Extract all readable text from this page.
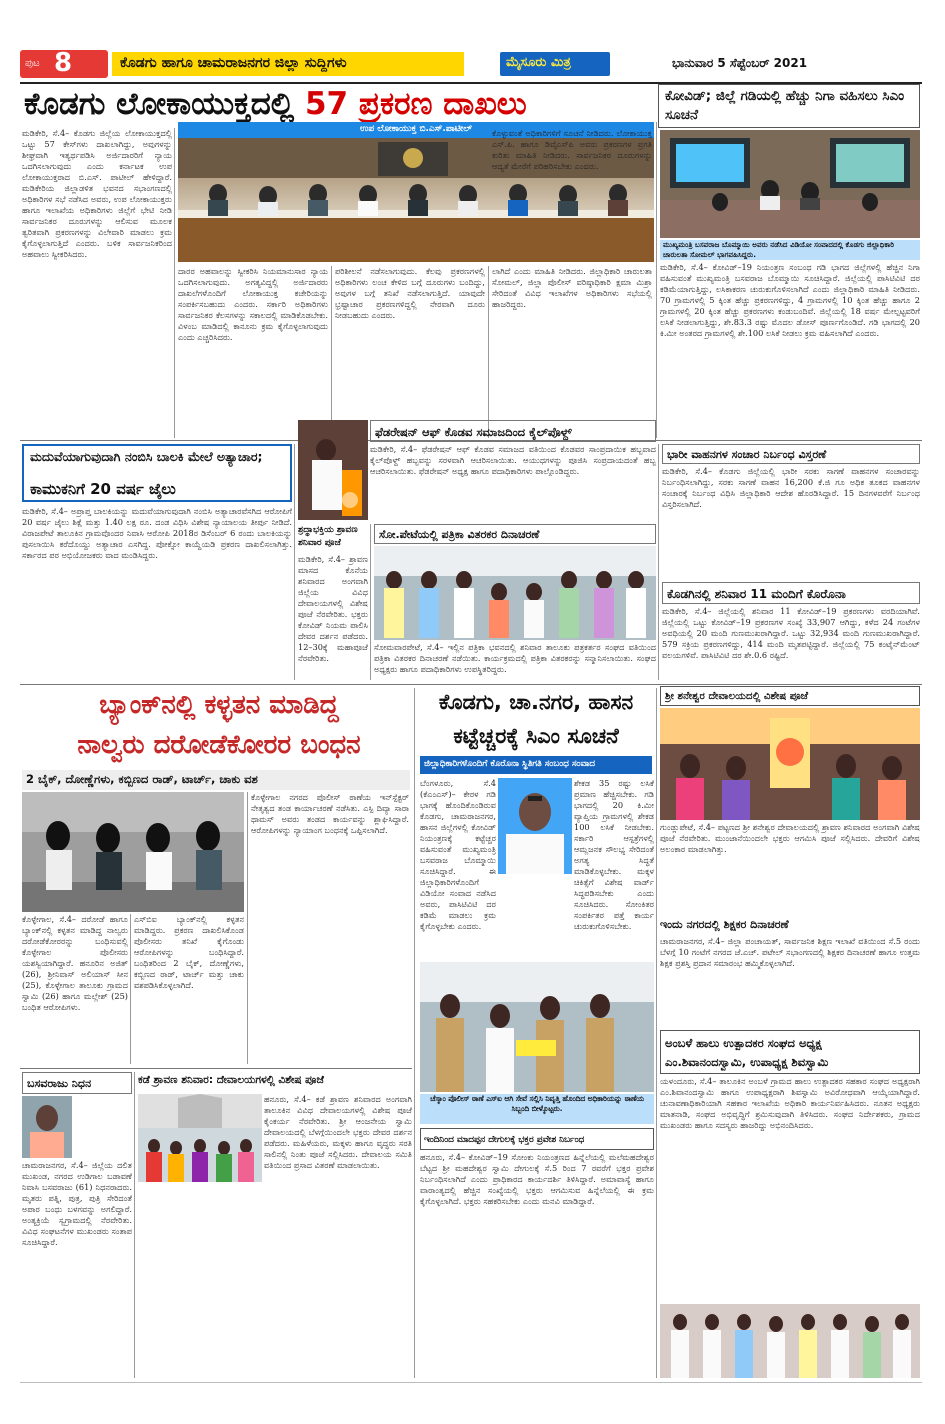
ಪುಟ 8	ಕೊಡಗು ಹಾಗೂ ಚಾಮರಾಜನಗರ ಜಿಲ್ಲಾ ಸುದ್ದಿಗಳು	ಮೈಸೂರು ಮಿತ್ರ	ಭಾನುವಾರ 5 ಸೆಪ್ಟೆಂಬರ್ 2021
ಕೊಡಗು ಲೋಕಾಯುಕ್ತದಲ್ಲಿ 57 ಪ್ರಕರಣ ದಾಖಲು
ಮಡಿಕೇರಿ, ಸೆ.4– ಕೊಡಗು ಜಿಲ್ಲೆಯ ಲೋಕಾಯುಕ್ತದಲ್ಲಿ ಒಟ್ಟು 57 ಕೇಸ್‌ಗಳು ದಾಖಲಾಗಿದ್ದು, ಅವುಗಳನ್ನು ಶೀಘ್ರವಾಗಿ ಇತ್ಯರ್ಥಪಡಿಸಿ ಅರ್ಜಿದಾರರಿಗೆ ನ್ಯಾಯ ಒದಗಿಸಲಾಗುವುದು ಎಂದು ಕರ್ನಾಟಕ ಉಪ ಲೋಕಾಯುಕ್ತರಾದ ಬಿ.ಎಸ್. ಪಾಟೀಲ್ ಹೇಳಿದ್ದಾರೆ. ಮಡಿಕೇರಿಯ ಜಿಲ್ಲಾಡಳಿತ ಭವನದ ಸಭಾಂಗಣದಲ್ಲಿ ಅಧಿಕಾರಿಗಳ ಸಭೆ ನಡೆಸಿದ ಅವರು, ಉಪ ಲೋಕಾಯುಕ್ತರು ಹಾಗೂ ಇಲಾಖೆಯ ಅಧಿಕಾರಿಗಳು ಜಿಲ್ಲೆಗೆ ಭೇಟಿ ನೀಡಿ ಸಾರ್ವಜನಿಕರ ದೂರುಗಳನ್ನು ಆಲಿಸುವ ಮೂಲಕ ತ್ವರಿತವಾಗಿ ಪ್ರಕರಣಗಳನ್ನು ವಿಲೇವಾರಿ ಮಾಡಲು ಕ್ರಮ ಕೈಗೊಳ್ಳಲಾಗುತ್ತಿದೆ ಎಂದರು. ಬಳಿಕ ಸಾರ್ವಜನಿಕರಿಂದ ಅಹವಾಲು ಸ್ವೀಕರಿಸಿದರು.
ಉಪ ಲೋಕಾಯುಕ್ತ ಬಿ.ಎಸ್.ಪಾಟೀಲ್
ದಾರರ ಅಹವಾಲನ್ನು ಸ್ವೀಕರಿಸಿ ನಿಯಮಾನುಸಾರ ನ್ಯಾಯ ಒದಗಿಸಲಾಗುವುದು. ಅಗತ್ಯವಿದ್ದಲ್ಲಿ ಅರ್ಜಿದಾರರು ದಾಖಲೆಗಳೊಂದಿಗೆ ಲೋಕಾಯುಕ್ತ ಕಚೇರಿಯನ್ನು ಸಂಪರ್ಕಿಸಬಹುದು ಎಂದರು. ಸರ್ಕಾರಿ ಅಧಿಕಾರಿಗಳು ಸಾರ್ವಜನಿಕರ ಕೆಲಸಗಳನ್ನು ಸಕಾಲದಲ್ಲಿ ಮಾಡಿಕೊಡಬೇಕು. ವಿಳಂಬ ಮಾಡಿದಲ್ಲಿ ಕಾನೂನು ಕ್ರಮ ಕೈಗೊಳ್ಳಲಾಗುವುದು ಎಂದು ಎಚ್ಚರಿಸಿದರು.
ಪರಿಶೀಲನೆ ನಡೆಸಲಾಗುವುದು. ಕೆಲವು ಪ್ರಕರಣಗಳಲ್ಲಿ ಅಧಿಕಾರಿಗಳು ಲಂಚ ಕೇಳಿದ ಬಗ್ಗೆ ದೂರುಗಳು ಬಂದಿದ್ದು, ಅವುಗಳ ಬಗ್ಗೆ ತನಿಖೆ ನಡೆಸಲಾಗುತ್ತಿದೆ. ಯಾವುದೇ ಭ್ರಷ್ಟಾಚಾರ ಪ್ರಕರಣಗಳಿದ್ದಲ್ಲಿ ನೇರವಾಗಿ ದೂರು ನೀಡಬಹುದು ಎಂದರು.
ಲಾಗಿದೆ ಎಂದು ಮಾಹಿತಿ ನೀಡಿದರು. ಜಿಲ್ಲಾಧಿಕಾರಿ ಚಾರುಲತಾ ಸೋಮಲ್, ಜಿಲ್ಲಾ ಪೊಲೀಸ್ ವರಿಷ್ಠಾಧಿಕಾರಿ ಕ್ಷಮಾ ಮಿಶ್ರಾ ಸೇರಿದಂತೆ ವಿವಿಧ ಇಲಾಖೆಗಳ ಅಧಿಕಾರಿಗಳು ಸಭೆಯಲ್ಲಿ ಹಾಜರಿದ್ದರು.
ಕೋವಿಡ್; ಜಿಲ್ಲೆ ಗಡಿಯಲ್ಲಿ ಹೆಚ್ಚು ನಿಗಾ ವಹಿಸಲು ಸಿಎಂ ಸೂಚನೆ
ಮುಖ್ಯಮಂತ್ರಿ ಬಸವರಾಜ ಬೊಮ್ಮಾಯಿ ಅವರು ನಡೆಸಿದ ವಿಡಿಯೋ ಸಂವಾದದಲ್ಲಿ ಕೊಡಗು ಜಿಲ್ಲಾಧಿಕಾರಿ ಚಾರುಲತಾ ಸೋಮಲ್ ಭಾಗವಹಿಸಿದ್ದರು.
ಮಡಿಕೇರಿ, ಸೆ.4– ಕೋವಿಡ್–19 ನಿಯಂತ್ರಣ ಸಂಬಂಧ ಗಡಿ ಭಾಗದ ಜಿಲ್ಲೆಗಳಲ್ಲಿ ಹೆಚ್ಚಿನ ನಿಗಾ ವಹಿಸುವಂತೆ ಮುಖ್ಯಮಂತ್ರಿ ಬಸವರಾಜ ಬೊಮ್ಮಾಯಿ ಸೂಚಿಸಿದ್ದಾರೆ. ಜಿಲ್ಲೆಯಲ್ಲಿ ಪಾಸಿಟಿವಿಟಿ ದರ ಕಡಿಮೆಯಾಗುತ್ತಿದ್ದು, ಲಸಿಕಾಕರಣ ಚುರುಕುಗೊಳಿಸಲಾಗಿದೆ ಎಂದು ಜಿಲ್ಲಾಧಿಕಾರಿ ಮಾಹಿತಿ ನೀಡಿದರು. 70 ಗ್ರಾಮಗಳಲ್ಲಿ 5 ಕ್ಕಿಂತ ಹೆಚ್ಚು ಪ್ರಕರಣಗಳಿದ್ದು, 4 ಗ್ರಾಮಗಳಲ್ಲಿ 10 ಕ್ಕಿಂತ ಹೆಚ್ಚು ಹಾಗೂ 2 ಗ್ರಾಮಗಳಲ್ಲಿ 20 ಕ್ಕಿಂತ ಹೆಚ್ಚು ಪ್ರಕರಣಗಳು ಕಂಡುಬಂದಿವೆ. ಜಿಲ್ಲೆಯಲ್ಲಿ 18 ವರ್ಷ ಮೇಲ್ಪಟ್ಟವರಿಗೆ ಲಸಿಕೆ ನೀಡಲಾಗುತ್ತಿದ್ದು, ಶೇ.83.3 ರಷ್ಟು ಮೊದಲ ಡೋಸ್ ಪೂರ್ಣಗೊಂಡಿದೆ. ಗಡಿ ಭಾಗದಲ್ಲಿ 20 ಕಿ.ಮೀ ಅಂತರದ ಗ್ರಾಮಗಳಲ್ಲಿ ಶೇ.100 ಲಸಿಕೆ ನೀಡಲು ಕ್ರಮ ವಹಿಸಲಾಗಿದೆ ಎಂದರು.
ಕೊಳ್ಳುವಂತೆ ಅಧಿಕಾರಿಗಳಿಗೆ ಸೂಚನೆ ನೀಡಿದರು. ಲೋಕಾಯುಕ್ತ ಎಸ್.ಪಿ. ಹಾಗೂ ಡಿವೈಎಸ್‌ಪಿ ಅವರು ಪ್ರಕರಣಗಳ ಪ್ರಗತಿ ಕುರಿತು ಮಾಹಿತಿ ನೀಡಿದರು. ಸಾರ್ವಜನಿಕರ ದೂರುಗಳನ್ನು ಆದ್ಯತೆ ಮೇರೆಗೆ ಪರಿಹರಿಸಬೇಕು ಎಂದರು.
ಮದುವೆಯಾಗುವುದಾಗಿ ನಂಬಿಸಿ ಬಾಲಕಿ ಮೇಲೆ ಅತ್ಯಾಚಾರ;
ಕಾಮುಕನಿಗೆ 20 ವರ್ಷ ಜೈಲು
ಮಡಿಕೇರಿ, ಸೆ.4– ಅಪ್ರಾಪ್ತ ಬಾಲಕಿಯನ್ನು ಮದುವೆಯಾಗುವುದಾಗಿ ನಂಬಿಸಿ ಅತ್ಯಾಚಾರವೆಸಗಿದ ಆರೋಪಿಗೆ 20 ವರ್ಷ ಜೈಲು ಶಿಕ್ಷೆ ಮತ್ತು 1.40 ಲಕ್ಷ ರೂ. ದಂಡ ವಿಧಿಸಿ ವಿಶೇಷ ನ್ಯಾಯಾಲಯ ತೀರ್ಪು ನೀಡಿದೆ. ವಿರಾಜಪೇಟೆ ತಾಲೂಕಿನ ಗ್ರಾಮವೊಂದರ ನಿವಾಸಿ ಆರೋಪಿ 2018ರ ಡಿಸೆಂಬರ್ 6 ರಂದು ಬಾಲಕಿಯನ್ನು ಪುಸಲಾಯಿಸಿ ಕರೆದೊಯ್ದು ಅತ್ಯಾಚಾರ ಎಸಗಿದ್ದ. ಪೋಕ್ಸೋ ಕಾಯ್ದೆಯಡಿ ಪ್ರಕರಣ ದಾಖಲಿಸಲಾಗಿತ್ತು. ಸರ್ಕಾರದ ಪರ ಅಭಿಯೋಜಕರು ವಾದ ಮಂಡಿಸಿದ್ದರು.
ಫೆಡರೇಷನ್ ಆಫ್ ಕೊಡವ ಸಮಾಜದಿಂದ ಕೈಲ್‌ಪೊಳ್ದ್
ಮಡಿಕೇರಿ, ಸೆ.4– ಫೆಡರೇಷನ್ ಆಫ್ ಕೊಡವ ಸಮಾಜದ ವತಿಯಿಂದ ಕೊಡವರ ಸಾಂಪ್ರದಾಯಿಕ ಹಬ್ಬವಾದ ಕೈಲ್‌ಪೊಳ್ದ್ ಹಬ್ಬವನ್ನು ಸರಳವಾಗಿ ಆಚರಿಸಲಾಯಿತು. ಆಯುಧಗಳನ್ನು ಪೂಜಿಸಿ ಸಂಪ್ರದಾಯದಂತೆ ಹಬ್ಬ ಆಚರಿಸಲಾಯಿತು. ಫೆಡರೇಷನ್ ಅಧ್ಯಕ್ಷ ಹಾಗೂ ಪದಾಧಿಕಾರಿಗಳು ಪಾಲ್ಗೊಂಡಿದ್ದರು.
ಶ್ರದ್ಧಾಭಕ್ತಿಯ ಶ್ರಾವಣ ಶನಿವಾರ ಪೂಜೆ
ಮಡಿಕೇರಿ, ಸೆ.4– ಶ್ರಾವಣ ಮಾಸದ ಕೊನೆಯ ಶನಿವಾರದ ಅಂಗವಾಗಿ ಜಿಲ್ಲೆಯ ವಿವಿಧ ದೇವಾಲಯಗಳಲ್ಲಿ ವಿಶೇಷ ಪೂಜೆ ನೆರವೇರಿತು. ಭಕ್ತರು ಕೋವಿಡ್ ನಿಯಮ ಪಾಲಿಸಿ ದೇವರ ದರ್ಶನ ಪಡೆದರು. 12–30ಕ್ಕೆ ಮಹಾಪೂಜೆ ನೆರವೇರಿತು.
ಸೋ.ಪೇಟೆಯಲ್ಲಿ ಪತ್ರಿಕಾ ವಿತರಕರ ದಿನಾಚರಣೆ
ಸೋಮವಾರಪೇಟೆ, ಸೆ.4– ಇಲ್ಲಿನ ಪತ್ರಿಕಾ ಭವನದಲ್ಲಿ ಶನಿವಾರ ತಾಲೂಕು ಪತ್ರಕರ್ತರ ಸಂಘದ ವತಿಯಿಂದ ಪತ್ರಿಕಾ ವಿತರಕರ ದಿನಾಚರಣೆ ನಡೆಯಿತು. ಕಾರ್ಯಕ್ರಮದಲ್ಲಿ ಪತ್ರಿಕಾ ವಿತರಕರನ್ನು ಸನ್ಮಾನಿಸಲಾಯಿತು. ಸಂಘದ ಅಧ್ಯಕ್ಷರು ಹಾಗೂ ಪದಾಧಿಕಾರಿಗಳು ಉಪಸ್ಥಿತರಿದ್ದರು.
ಭಾರೀ ವಾಹನಗಳ ಸಂಚಾರ ನಿರ್ಬಂಧ ವಿಸ್ತರಣೆ
ಮಡಿಕೇರಿ, ಸೆ.4– ಕೊಡಗು ಜಿಲ್ಲೆಯಲ್ಲಿ ಭಾರೀ ಸರಕು ಸಾಗಣೆ ವಾಹನಗಳ ಸಂಚಾರವನ್ನು ನಿರ್ಬಂಧಿಸಲಾಗಿದ್ದು, ಸರಕು ಸಾಗಣೆ ವಾಹನ 16,200 ಕೆ.ಜಿ ಗೂ ಅಧಿಕ ತೂಕದ ವಾಹನಗಳ ಸಂಚಾರಕ್ಕೆ ನಿರ್ಬಂಧ ವಿಧಿಸಿ ಜಿಲ್ಲಾಧಿಕಾರಿ ಆದೇಶ ಹೊರಡಿಸಿದ್ದಾರೆ. 15 ದಿನಗಳವರೆಗೆ ನಿರ್ಬಂಧ ವಿಸ್ತರಿಸಲಾಗಿದೆ.
ಕೊಡಗಿನಲ್ಲಿ ಶನಿವಾರ 11 ಮಂದಿಗೆ ಕೊರೊನಾ
ಮಡಿಕೇರಿ, ಸೆ.4– ಜಿಲ್ಲೆಯಲ್ಲಿ ಶನಿವಾರ 11 ಕೋವಿಡ್–19 ಪ್ರಕರಣಗಳು ವರದಿಯಾಗಿವೆ. ಜಿಲ್ಲೆಯಲ್ಲಿ ಒಟ್ಟು ಕೋವಿಡ್–19 ಪ್ರಕರಣಗಳ ಸಂಖ್ಯೆ 33,907 ಆಗಿದ್ದು, ಕಳೆದ 24 ಗಂಟೆಗಳ ಅವಧಿಯಲ್ಲಿ 20 ಮಂದಿ ಗುಣಮುಖರಾಗಿದ್ದಾರೆ. ಒಟ್ಟು 32,934 ಮಂದಿ ಗುಣಮುಖರಾಗಿದ್ದಾರೆ. 579 ಸಕ್ರಿಯ ಪ್ರಕರಣಗಳಿದ್ದು, 414 ಮಂದಿ ಮೃತಪಟ್ಟಿದ್ದಾರೆ. ಜಿಲ್ಲೆಯಲ್ಲಿ 75 ಕಂಟೈನ್‌ಮೆಂಟ್ ವಲಯಗಳಿವೆ. ಪಾಸಿಟಿವಿಟಿ ದರ ಶೇ.0.6 ರಷ್ಟಿದೆ.
ಬ್ಯಾಂಕ್‌ನಲ್ಲಿ ಕಳ್ಳತನ ಮಾಡಿದ್ದ
ನಾಲ್ವರು ದರೋಡೆಕೋರರ ಬಂಧನ
2 ಬೈಕ್, ದೋಣ್ಣೆಗಳು, ಕಬ್ಬಿಣದ ರಾಡ್, ಟಾರ್ಚ್, ಚಾಕು ವಶ
ಕೊಳ್ಳೇಗಾಲ, ಸೆ.4– ದರೋಡೆ ಹಾಗೂ ಬ್ಯಾಂಕ್‌ನಲ್ಲಿ ಕಳ್ಳತನ ಮಾಡಿದ್ದ ನಾಲ್ವರು ದರೋಡೆಕೋರರನ್ನು ಬಂಧಿಸುವಲ್ಲಿ ಕೊಳ್ಳೇಗಾಲ ಪೊಲೀಸರು ಯಶಸ್ವಿಯಾಗಿದ್ದಾರೆ. ಹನೂರಿನ ಅಜಿತ್ (26), ಶ್ರೀನಿವಾಸ್ ಅಲಿಯಾಸ್ ಸೀನ (25), ಕೊಳ್ಳೇಗಾಲ ತಾಲೂಕು ಗ್ರಾಮದ ಸ್ವಾಮಿ (26) ಹಾಗೂ ಮಲ್ಲೇಶ್ (25) ಬಂಧಿತ ಆರೋಪಿಗಳು.
ಎಸ್‌ಬಿಐ ಬ್ಯಾಂಕ್‌ನಲ್ಲಿ ಕಳ್ಳತನ ಮಾಡಿದ್ದರು. ಪ್ರಕರಣ ದಾಖಲಿಸಿಕೊಂಡ ಪೊಲೀಸರು ತನಿಖೆ ಕೈಗೊಂಡು ಆರೋಪಿಗಳನ್ನು ಬಂಧಿಸಿದ್ದಾರೆ. ಬಂಧಿತರಿಂದ 2 ಬೈಕ್, ದೋಣ್ಣೆಗಳು, ಕಬ್ಬಿಣದ ರಾಡ್, ಟಾರ್ಚ್ ಮತ್ತು ಚಾಕು ವಶಪಡಿಸಿಕೊಳ್ಳಲಾಗಿದೆ.
ಕೊಳ್ಳೇಗಾಲ ನಗರದ ಪೊಲೀಸ್ ಠಾಣೆಯ ಇನ್‌ಸ್ಪೆಕ್ಟರ್ ನೇತೃತ್ವದ ತಂಡ ಕಾರ್ಯಾಚರಣೆ ನಡೆಸಿತು. ಎಸ್ಪಿ ದಿವ್ಯಾ ಸಾರಾ ಥಾಮಸ್ ಅವರು ತಂಡದ ಕಾರ್ಯವನ್ನು ಶ್ಲಾಘಿಸಿದ್ದಾರೆ. ಆರೋಪಿಗಳನ್ನು ನ್ಯಾಯಾಂಗ ಬಂಧನಕ್ಕೆ ಒಪ್ಪಿಸಲಾಗಿದೆ.
ಬಸವರಾಜು ನಿಧನ
ಚಾಮರಾಜನಗರ, ಸೆ.4– ಜಿಲ್ಲೆಯ ದಲಿತ ಮುಖಂಡ, ನಗರದ ಉಡಿಗಾಲ ಬಡಾವಣೆ ನಿವಾಸಿ ಬಸವರಾಜು (61) ನಿಧನರಾದರು. ಮೃತರು ಪತ್ನಿ, ಪುತ್ರ, ಪುತ್ರಿ ಸೇರಿದಂತೆ ಅಪಾರ ಬಂಧು ಬಳಗವನ್ನು ಅಗಲಿದ್ದಾರೆ. ಅಂತ್ಯಕ್ರಿಯೆ ಸ್ವಗ್ರಾಮದಲ್ಲಿ ನೆರವೇರಿತು. ವಿವಿಧ ಸಂಘಟನೆಗಳ ಮುಖಂಡರು ಸಂತಾಪ ಸೂಚಿಸಿದ್ದಾರೆ.
ಕಡೆ ಶ್ರಾವಣ ಶನಿವಾರ: ದೇವಾಲಯಗಳಲ್ಲಿ ವಿಶೇಷ ಪೂಜೆ
ಹನೂರು, ಸೆ.4– ಕಡೆ ಶ್ರಾವಣ ಶನಿವಾರದ ಅಂಗವಾಗಿ ತಾಲೂಕಿನ ವಿವಿಧ ದೇವಾಲಯಗಳಲ್ಲಿ ವಿಶೇಷ ಪೂಜೆ ಕೈಂಕರ್ಯ ನೆರವೇರಿತು. ಶ್ರೀ ಆಂಜನೇಯ ಸ್ವಾಮಿ ದೇವಾಲಯದಲ್ಲಿ ಬೆಳಗ್ಗೆಯಿಂದಲೇ ಭಕ್ತರು ದೇವರ ದರ್ಶನ ಪಡೆದರು. ಮಹಿಳೆಯರು, ಮಕ್ಕಳು ಹಾಗೂ ವೃದ್ಧರು ಸರತಿ ಸಾಲಿನಲ್ಲಿ ನಿಂತು ಪೂಜೆ ಸಲ್ಲಿಸಿದರು. ದೇವಾಲಯ ಸಮಿತಿ ವತಿಯಿಂದ ಪ್ರಸಾದ ವಿತರಣೆ ಮಾಡಲಾಯಿತು.
ಕೊಡಗು, ಚಾ.ನಗರ, ಹಾಸನ
ಕಟ್ಟೆಚ್ಚರಕ್ಕೆ ಸಿಎಂ ಸೂಚನೆ
ಜಿಲ್ಲಾಧಿಕಾರಿಗಳೊಂದಿಗೆ ಕೊರೊನಾ ಸ್ಥಿತಿಗತಿ ಸಂಬಂಧ ಸಂವಾದ
ಬೆಂಗಳೂರು, ಸೆ.4 (ಕೆಎಂಎಸ್)– ಕೇರಳ ಗಡಿ ಭಾಗಕ್ಕೆ ಹೊಂದಿಕೊಂಡಿರುವ ಕೊಡಗು, ಚಾಮರಾಜನಗರ, ಹಾಸನ ಜಿಲ್ಲೆಗಳಲ್ಲಿ ಕೋವಿಡ್ ನಿಯಂತ್ರಣಕ್ಕೆ ಕಟ್ಟೆಚ್ಚರ ವಹಿಸುವಂತೆ ಮುಖ್ಯಮಂತ್ರಿ ಬಸವರಾಜ ಬೊಮ್ಮಾಯಿ ಸೂಚಿಸಿದ್ದಾರೆ. ಈ ಜಿಲ್ಲಾಧಿಕಾರಿಗಳೊಂದಿಗೆ ವಿಡಿಯೋ ಸಂವಾದ ನಡೆಸಿದ ಅವರು, ಪಾಸಿಟಿವಿಟಿ ದರ ಕಡಿಮೆ ಮಾಡಲು ಕ್ರಮ ಕೈಗೊಳ್ಳಬೇಕು ಎಂದರು.
ಶೇಕಡ 35 ರಷ್ಟು ಲಸಿಕೆ ಪ್ರಮಾಣ ಹೆಚ್ಚಿಸಬೇಕು. ಗಡಿ ಭಾಗದಲ್ಲಿ 20 ಕಿ.ಮೀ ವ್ಯಾಪ್ತಿಯ ಗ್ರಾಮಗಳಲ್ಲಿ ಶೇಕಡ 100 ಲಸಿಕೆ ನೀಡಬೇಕು. ಸರ್ಕಾರಿ ಆಸ್ಪತ್ರೆಗಳಲ್ಲಿ ಆಮ್ಲಜನಕ ಸೌಲಭ್ಯ ಸೇರಿದಂತೆ ಅಗತ್ಯ ಸಿದ್ಧತೆ ಮಾಡಿಕೊಳ್ಳಬೇಕು. ಮಕ್ಕಳ ಚಿಕಿತ್ಸೆಗೆ ವಿಶೇಷ ವಾರ್ಡ್ ಸಿದ್ಧಪಡಿಸಬೇಕು ಎಂದು ಸೂಚಿಸಿದರು. ಸೋಂಕಿತರ ಸಂಪರ್ಕಿತರ ಪತ್ತೆ ಕಾರ್ಯ ಚುರುಕುಗೊಳಿಸಬೇಕು.
ಚೆಸ್ಕಾಂ ಪೊಲೀಸ್ ಠಾಣೆ ಎಸ್‌ಐ ಆಗಿ ಸೇವೆ ಸಲ್ಲಿಸಿ ನಿವೃತ್ತಿ ಹೊಂದಿದ ಅಧಿಕಾರಿಯನ್ನು ಠಾಣೆಯ ಸಿಬ್ಬಂದಿ ಬೀಳ್ಕೊಟ್ಟರು.
ಇಂದಿನಿಂದ ಮಾದಪ್ಪನ ದೇಗುಲಕ್ಕೆ ಭಕ್ತರ ಪ್ರವೇಶ ನಿರ್ಬಂಧ
ಹನೂರು, ಸೆ.4– ಕೋವಿಡ್–19 ಸೋಂಕು ನಿಯಂತ್ರಣದ ಹಿನ್ನೆಲೆಯಲ್ಲಿ ಮಲೆಮಹದೇಶ್ವರ ಬೆಟ್ಟದ ಶ್ರೀ ಮಹದೇಶ್ವರ ಸ್ವಾಮಿ ದೇಗುಲಕ್ಕೆ ಸೆ.5 ರಿಂದ 7 ರವರೆಗೆ ಭಕ್ತರ ಪ್ರವೇಶ ನಿರ್ಬಂಧಿಸಲಾಗಿದೆ ಎಂದು ಪ್ರಾಧಿಕಾರದ ಕಾರ್ಯದರ್ಶಿ ತಿಳಿಸಿದ್ದಾರೆ. ಅಮಾವಾಸ್ಯೆ ಹಾಗೂ ವಾರಾಂತ್ಯದಲ್ಲಿ ಹೆಚ್ಚಿನ ಸಂಖ್ಯೆಯಲ್ಲಿ ಭಕ್ತರು ಆಗಮಿಸುವ ಹಿನ್ನೆಲೆಯಲ್ಲಿ ಈ ಕ್ರಮ ಕೈಗೊಳ್ಳಲಾಗಿದೆ. ಭಕ್ತರು ಸಹಕರಿಸಬೇಕು ಎಂದು ಮನವಿ ಮಾಡಿದ್ದಾರೆ.
ಶ್ರೀ ಶನೇಶ್ವರ ದೇವಾಲಯದಲ್ಲಿ ವಿಶೇಷ ಪೂಜೆ
ಗುಂಡ್ಲುಪೇಟೆ, ಸೆ.4– ಪಟ್ಟಣದ ಶ್ರೀ ಶನೇಶ್ವರ ದೇವಾಲಯದಲ್ಲಿ ಶ್ರಾವಣ ಶನಿವಾರದ ಅಂಗವಾಗಿ ವಿಶೇಷ ಪೂಜೆ ನೆರವೇರಿತು. ಮುಂಜಾನೆಯಿಂದಲೇ ಭಕ್ತರು ಆಗಮಿಸಿ ಪೂಜೆ ಸಲ್ಲಿಸಿದರು. ದೇವರಿಗೆ ವಿಶೇಷ ಅಲಂಕಾರ ಮಾಡಲಾಗಿತ್ತು.
ಇಂದು ನಗರದಲ್ಲಿ ಶಿಕ್ಷಕರ ದಿನಾಚರಣೆ
ಚಾಮರಾಜನಗರ, ಸೆ.4– ಜಿಲ್ಲಾ ಪಂಚಾಯತ್, ಸಾರ್ವಜನಿಕ ಶಿಕ್ಷಣ ಇಲಾಖೆ ವತಿಯಿಂದ ಸೆ.5 ರಂದು ಬೆಳಗ್ಗೆ 10 ಗಂಟೆಗೆ ನಗರದ ಜೆ.ಎಚ್. ಪಟೇಲ್ ಸಭಾಂಗಣದಲ್ಲಿ ಶಿಕ್ಷಕರ ದಿನಾಚರಣೆ ಹಾಗೂ ಉತ್ತಮ ಶಿಕ್ಷಕ ಪ್ರಶಸ್ತಿ ಪ್ರದಾನ ಸಮಾರಂಭ ಹಮ್ಮಿಕೊಳ್ಳಲಾಗಿದೆ.
ಅಂಬಳೆ ಹಾಲು ಉತ್ಪಾದಕರ ಸಂಘದ ಅಧ್ಯಕ್ಷ
ಎಂ.ಶಿವಾನಂದಸ್ವಾಮಿ, ಉಪಾಧ್ಯಕ್ಷ ಶಿವಸ್ವಾಮಿ
ಯಳಂದೂರು, ಸೆ.4– ತಾಲೂಕಿನ ಅಂಬಳೆ ಗ್ರಾಮದ ಹಾಲು ಉತ್ಪಾದಕರ ಸಹಕಾರ ಸಂಘದ ಅಧ್ಯಕ್ಷರಾಗಿ ಎಂ.ಶಿವಾನಂದಸ್ವಾಮಿ ಹಾಗೂ ಉಪಾಧ್ಯಕ್ಷರಾಗಿ ಶಿವಸ್ವಾಮಿ ಅವಿರೋಧವಾಗಿ ಆಯ್ಕೆಯಾಗಿದ್ದಾರೆ. ಚುನಾವಣಾಧಿಕಾರಿಯಾಗಿ ಸಹಕಾರ ಇಲಾಖೆಯ ಅಧಿಕಾರಿ ಕಾರ್ಯನಿರ್ವಹಿಸಿದರು. ನೂತನ ಅಧ್ಯಕ್ಷರು ಮಾತನಾಡಿ, ಸಂಘದ ಅಭಿವೃದ್ಧಿಗೆ ಶ್ರಮಿಸುವುದಾಗಿ ತಿಳಿಸಿದರು. ಸಂಘದ ನಿರ್ದೇಶಕರು, ಗ್ರಾಮದ ಮುಖಂಡರು ಹಾಗೂ ಸದಸ್ಯರು ಹಾಜರಿದ್ದು ಅಭಿನಂದಿಸಿದರು.
